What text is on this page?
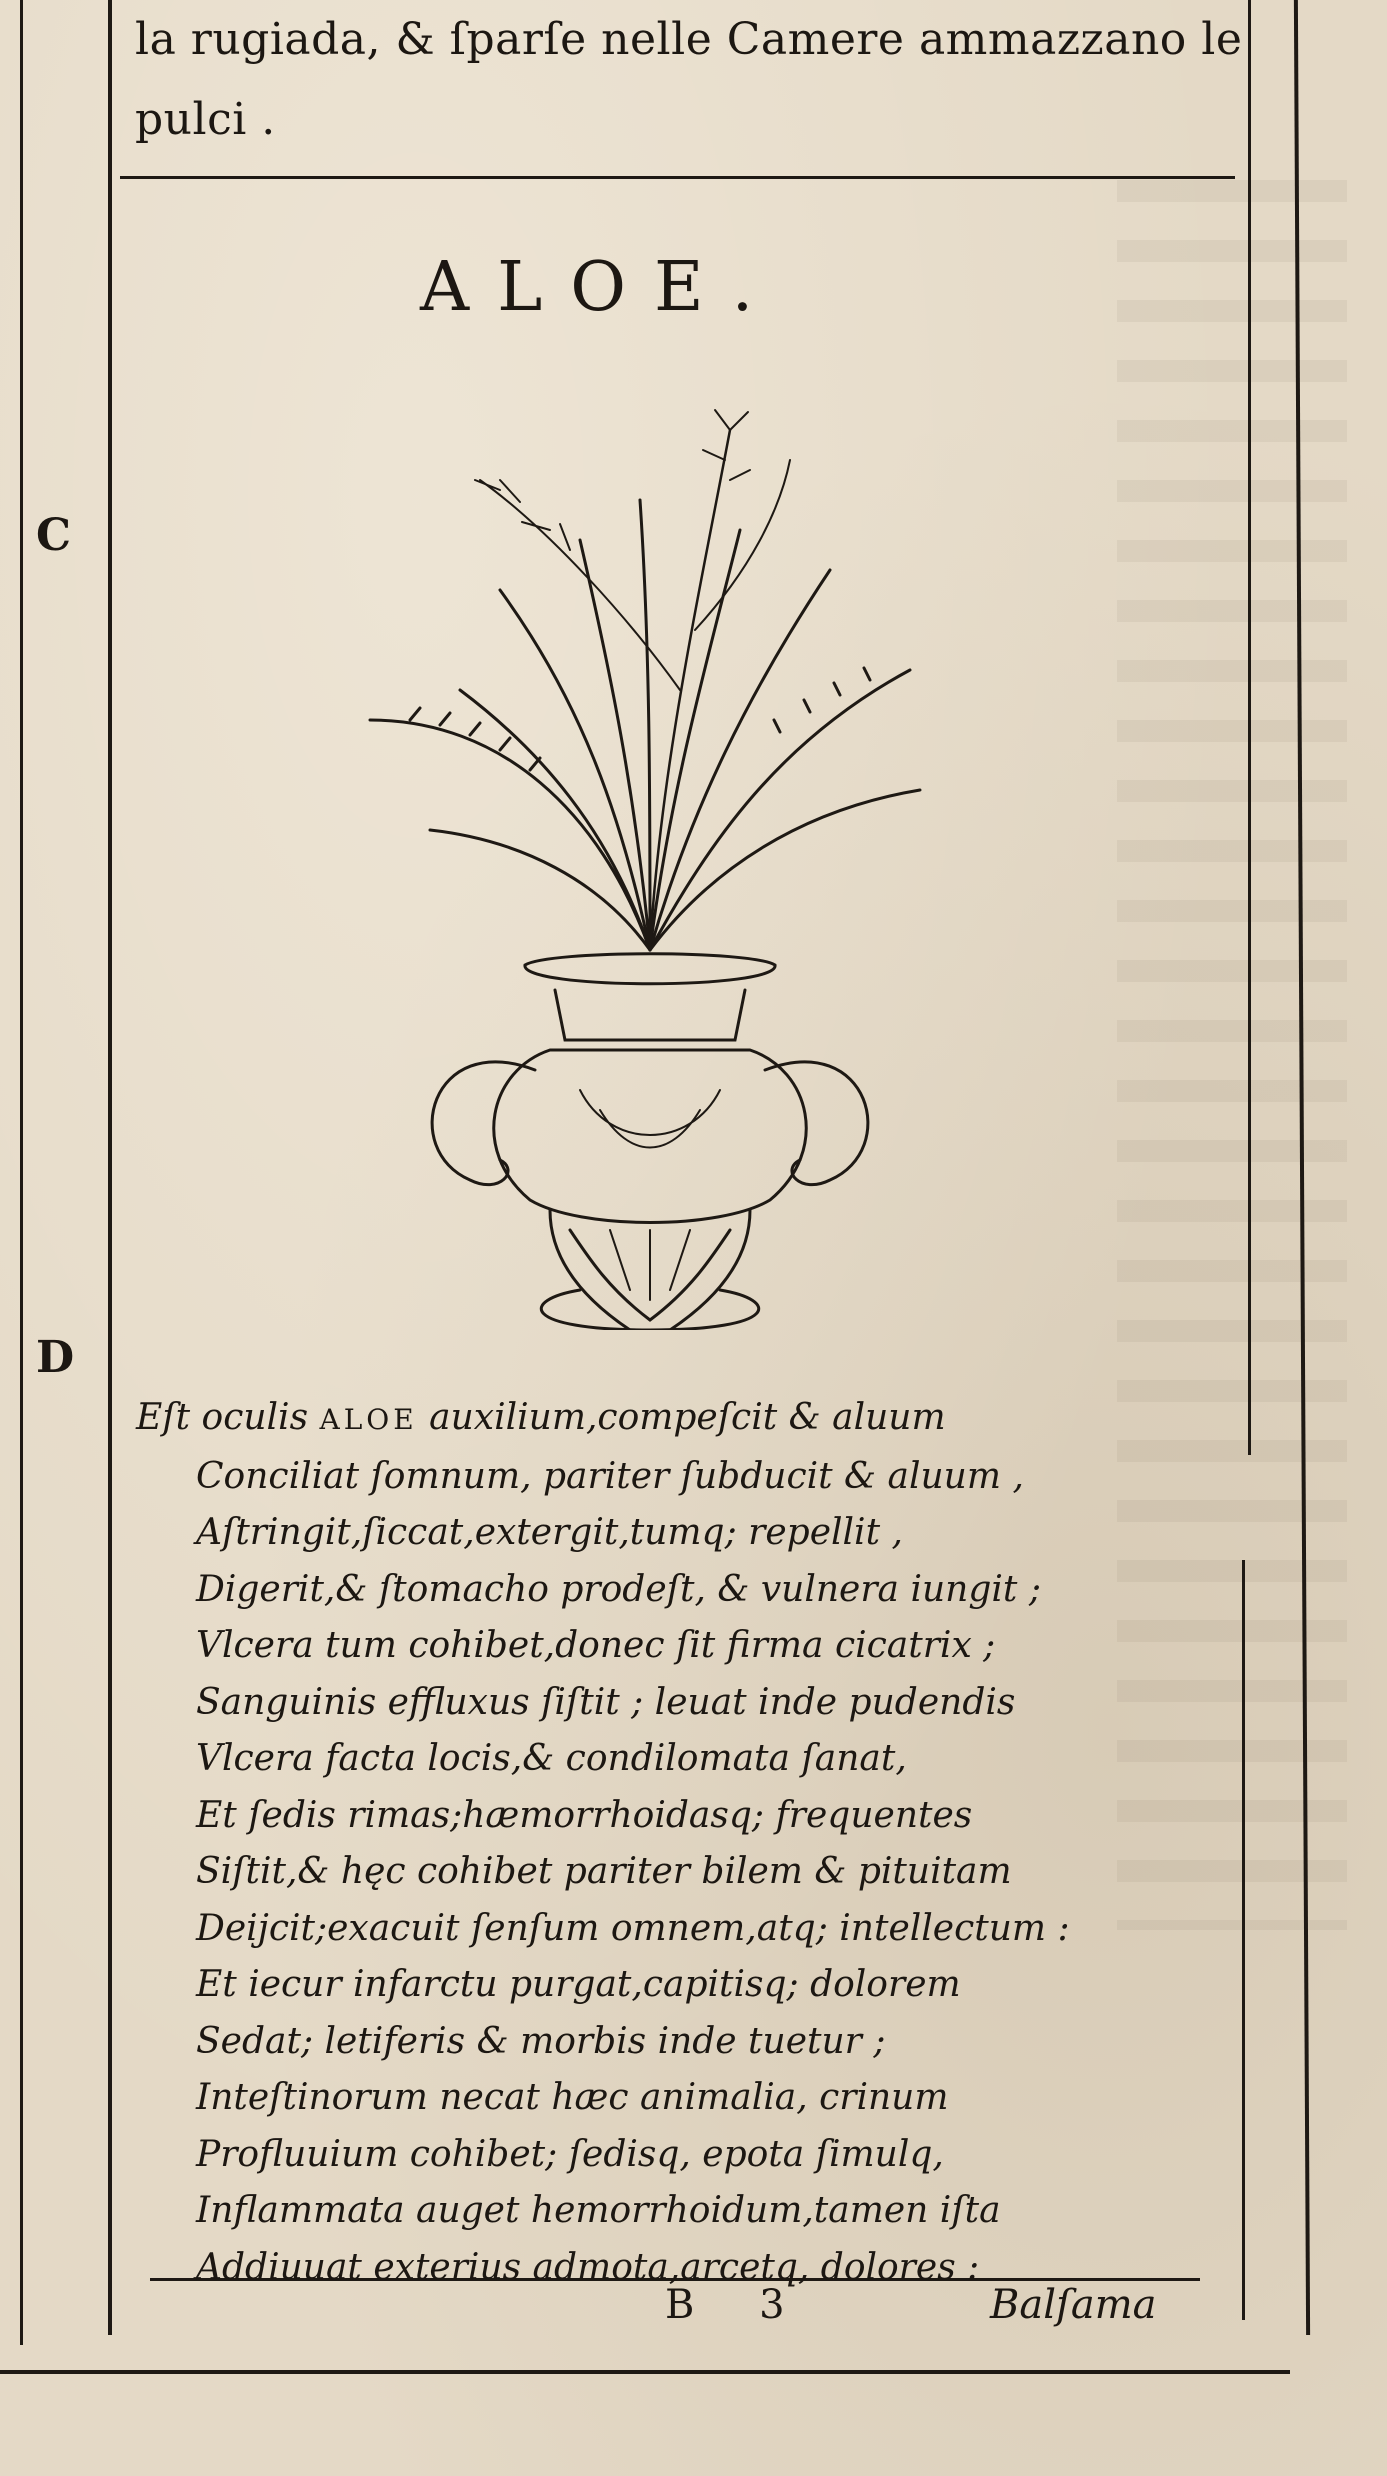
la rugiada, & ſparſe nelle Camere ammazzano le
pulci .
C
D
ALOE.
Eſt oculis ALOE auxilium,compeſcit & aluum
Conciliat ſomnum, pariter ſubducit & aluum ,
Aſtringit,ſiccat,extergit,tumq; repellit ,
Digerit,& ſtomacho prodeſt, & vulnera iungit ;
Vlcera tum cohibet,donec ſit firma cicatrix ;
Sanguinis effluxus ſiſtit ; leuat inde pudendis
Vlcera facta locis,& condilomata ſanat,
Et ſedis rimas;hæmorrhoidasq; frequentes
Siſtit,& hęc cohibet pariter bilem & pituitam
Deijcit;exacuit ſenſum omnem,atq; intellectum :
Et iecur infarctu purgat,capitisq; dolorem
Sedat; letiferis & morbis inde tuetur ;
Inteſtinorum necat hæc animalia, crinum
Profluuium cohibet; ſedisq, epota ſimulq,
Inflammata auget hemorrhoidum,tamen iſta
Addiuuat exterius admota,arcetq, dolores :
B 3	Balſama
